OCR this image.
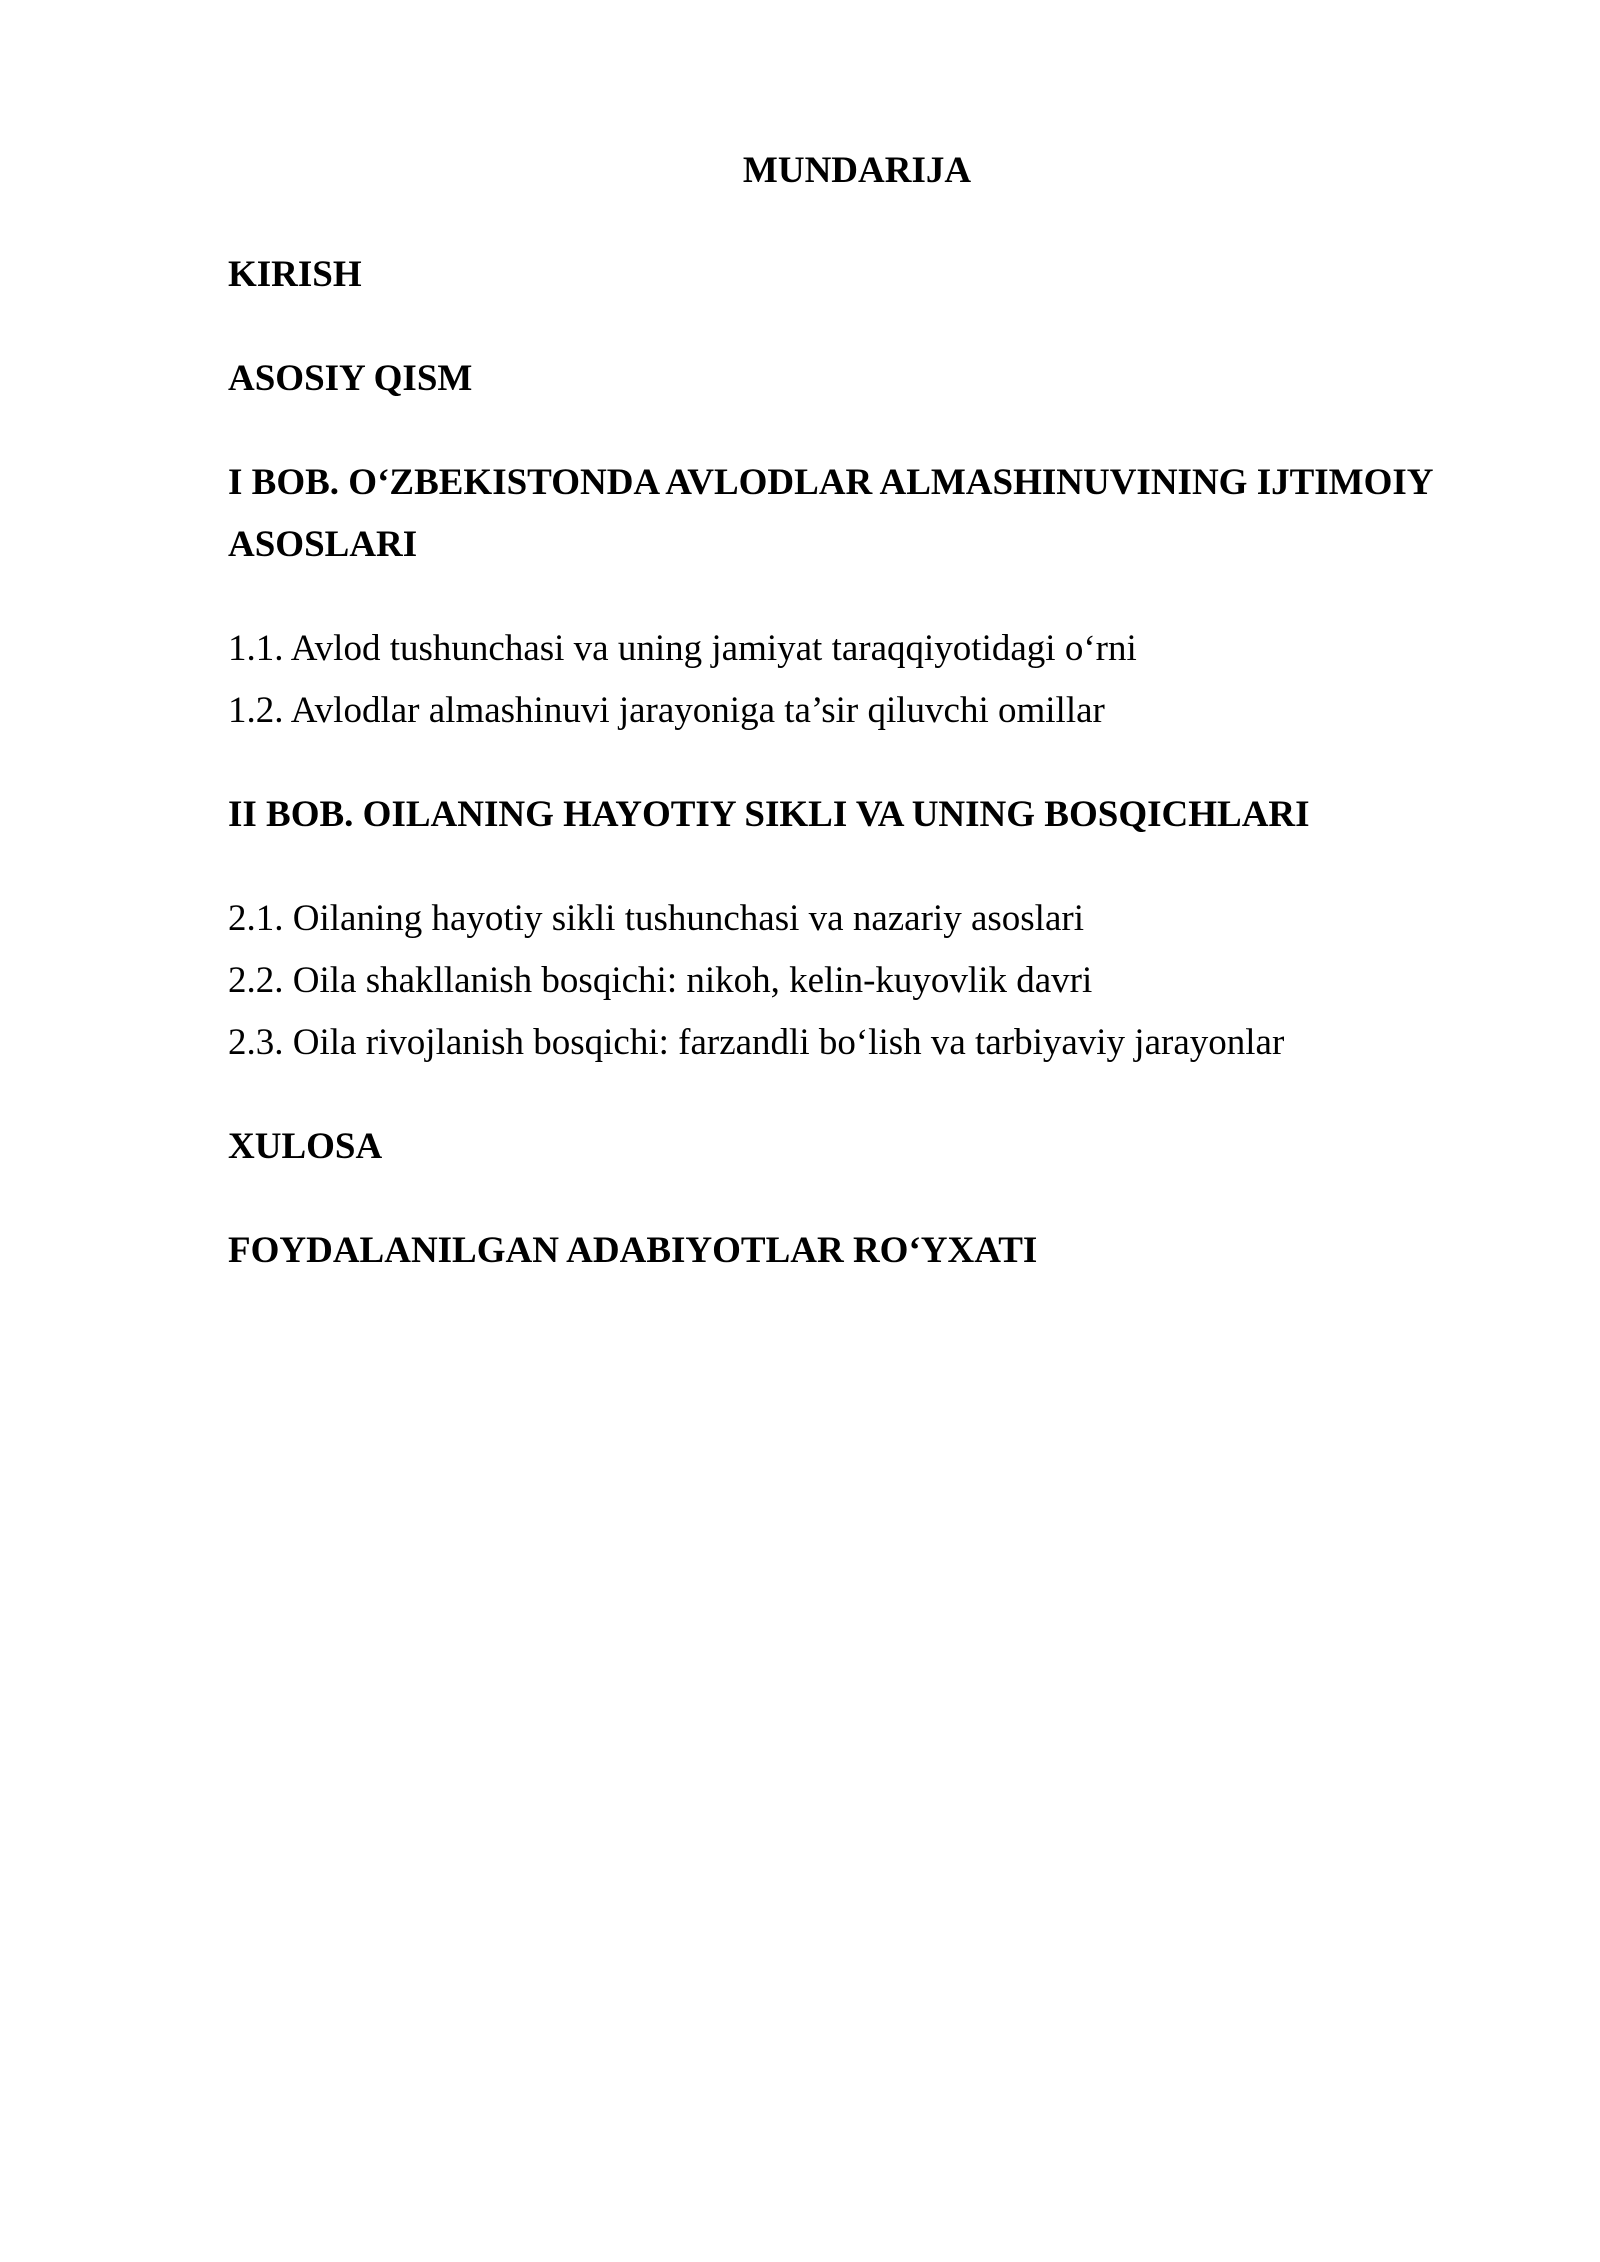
MUNDARIJA

KIRISH

ASOSIY QISM

I BOB. O‘ZBEKISTONDA AVLODLAR ALMASHINUVINING IJTIMOIY
ASOSLARI

1.1. Avlod tushunchasi va uning jamiyat taraqqiyotidagi o‘rni

1.2. Avlodlar almashinuvi jarayoniga ta’sir qiluvchi omillar

II BOB. OILANING HAYOTIY SIKLI VA UNING BOSQICHLARI

2.1. Oilaning hayotiy sikli tushunchasi va nazariy asoslari

2.2. Oila shakllanish bosqichi: nikoh, kelin-kuyovlik davri

2.3. Oila rivojlanish bosqichi: farzandli bo‘lish va tarbiyaviy jarayonlar

XULOSA

FOYDALANILGAN ADABIYOTLAR RO‘YXATI
